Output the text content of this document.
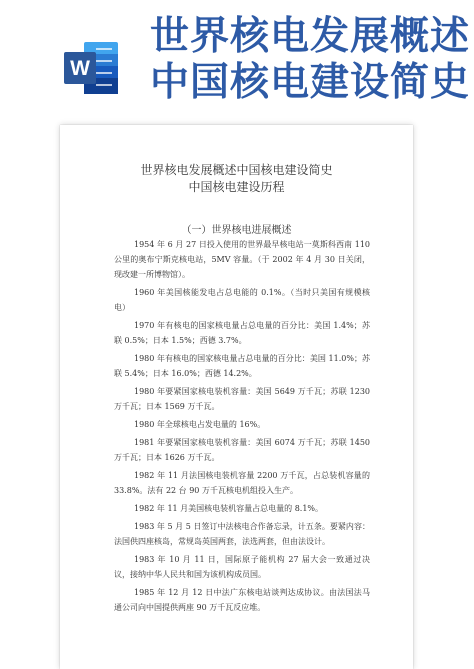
W
世界核电发展概述
中国核电建设简史
世界核电发展概述中国核电建设简史
中国核电建设历程
（一）世界核电进展概述

1954 年 6 月 27 日投入使用的世界最早核电站一莫斯科西南 110 公里的奥布宁斯克核电站，5MV 容量。（于 2002 年 4 月 30 日关闭，现改建一所博物馆）。

1960 年美国核能发电占总电能的 0.1%。（当时只美国有规模核电）

1970 年有核电的国家核电量占总电量的百分比：美国 1.4%；苏联 0.5%；日本 1.5%；西德 3.7%。

1980 年有核电的国家核电量占总电量的百分比：美国 11.0%；苏联 5.4%；日本 16.0%；西德 14.2%。

1980 年要紧国家核电装机容量：美国 5649 万千瓦；苏联 1230 万千瓦；日本 1569 万千瓦。

1980 年全球核电占发电量的 16%。

1981 年要紧国家核电装机容量：美国 6074 万千瓦；苏联 1450 万千瓦；日本 1626 万千瓦。

1982 年 11 月法国核电装机容量 2200 万千瓦，占总装机容量的 33.8%。法有 22 台 90 万千瓦核电机组投入生产。

1982 年 11 月美国核电装机容量占总电量的 8.1%。

1983 年 5 月 5 日签订中法核电合作备忘录，计五条。要紧内容：法国供四座核岛，常规岛英国两套，法选两套，但由法设计。

1983 年 10 月 11 日，国际原子能机构 27 届大会一致通过决议，接纳中华人民共和国为该机构成员国。

1985 年 12 月 12 日中法广东核电站谈判达成协议。由法国法马通公司向中国提供两座 90 万千瓦反应堆。
